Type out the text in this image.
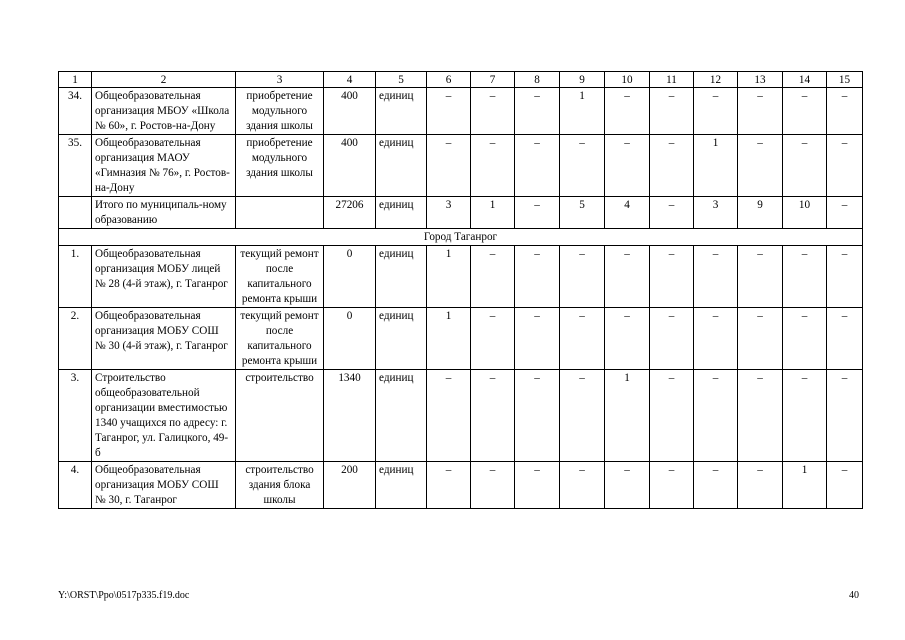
1	2	3	4	5	6	7	8	9	10	11	12	13	14	15
34.	Общеобразовательная организация МБОУ «Школа № 60», г. Ростов-на-Дону	приобретение модульного здания школы	400	единиц	–	–	–	1	–	–	–	–	–	–
35.	Общеобразовательная организация МАОУ «Гимназия № 76», г. Ростов-на-Дону	приобретение модульного здания школы	400	единиц	–	–	–	–	–	–	1	–	–	–
	Итого по муниципаль-ному образованию		27206	единиц	3	1	–	5	4	–	3	9	10	–
Город Таганрог														
1.	Общеобразовательная организация МОБУ лицей № 28 (4-й этаж), г. Таганрог	текущий ремонт после капитального ремонта крыши	0	единиц	1	–	–	–	–	–	–	–	–	–
2.	Общеобразовательная организация МОБУ СОШ № 30 (4-й этаж), г. Таганрог	текущий ремонт после капитального ремонта крыши	0	единиц	1	–	–	–	–	–	–	–	–	–
3.	Строительство общеобразовательной организации вместимостью 1340 учащихся по адресу: г. Таганрог, ул. Галицкого, 49-б	строительство	1340	единиц	–	–	–	–	1	–	–	–	–	–
4.	Общеобразовательная организация МОБУ СОШ № 30, г. Таганрог	строительство здания блока школы	200	единиц	–	–	–	–	–	–	–	–	1	–
Y:\ORST\Ppo\0517p335.f19.doc	40
